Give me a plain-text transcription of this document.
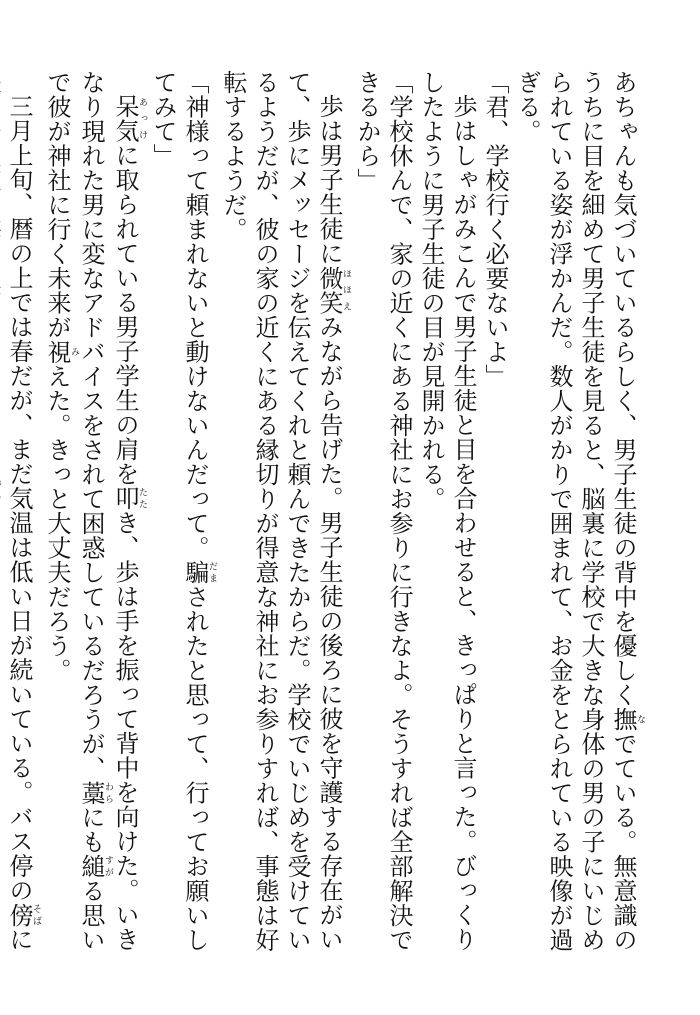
あちゃんも気づいているらしく、男子生徒の背中を優しく撫なでている。無意識のうちに目を細めて男子生徒を見ると、脳裏に学校で大きな身体の男の子にいじめられている姿が浮かんだ。数人がかりで囲まれて、お金をとられている映像が過ぎる。

「君、学校行く必要ないよ」

歩はしゃがみこんで男子生徒と目を合わせると、きっぱりと言った。びっくりしたように男子生徒の目が見開かれる。

「学校休んで、家の近くにある神社にお参りに行きなよ。そうすれば全部解決できるから」

歩は男子生徒に微笑ほほえみながら告げた。男子生徒の後ろに彼を守護する存在がいて、歩にメッセージを伝えてくれと頼んできたからだ。学校でいじめを受けているようだが、彼の家の近くにある縁切りが得意な神社にお参りすれば、事態は好転するようだ。

「神様って頼まれないと動けないんだって。騙だまされたと思って、行ってお願いしてみて」

呆気あっけに取られている男子学生の肩を叩たたき、歩は手を振って背中を向けた。いきなり現れた男に変なアドバイスをされて困惑しているだろうが、藁わらにも縋すがる思いで彼が神社に行く未来が視みえた。きっと大丈夫だろう。

三月上旬、暦の上では春だが、まだ気温は低い日が続いている。バス停の傍そばに
